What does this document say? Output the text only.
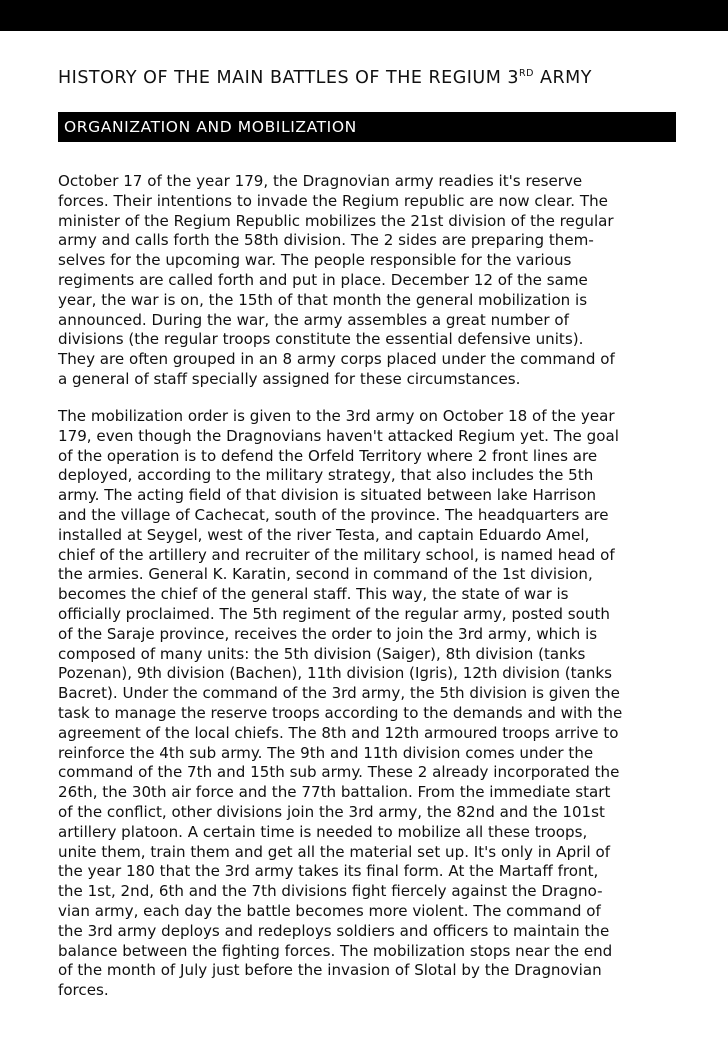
HISTORY OF THE MAIN BATTLES OF THE REGIUM 3RD ARMY
ORGANIZATION AND MOBILIZATION

October 17 of the year 179, the Dragnovian army readies it's reserve
forces. Their intentions to invade the Regium republic are now clear. The
minister of the Regium Republic mobilizes the 21st division of the regular
army and calls forth the 58th division. The 2 sides are preparing them-
selves for the upcoming war. The people responsible for the various
regiments are called forth and put in place. December 12 of the same
year, the war is on, the 15th of that month the general mobilization is
announced. During the war, the army assembles a great number of
divisions (the regular troops constitute the essential defensive units).
They are often grouped in an 8 army corps placed under the command of
a general of staff specially assigned for these circumstances.

The mobilization order is given to the 3rd army on October 18 of the year
179, even though the Dragnovians haven't attacked Regium yet. The goal
of the operation is to defend the Orfeld Territory where 2 front lines are
deployed, according to the military strategy, that also includes the 5th
army. The acting field of that division is situated between lake Harrison
and the village of Cachecat, south of the province. The headquarters are
installed at Seygel, west of the river Testa, and captain Eduardo Amel,
chief of the artillery and recruiter of the military school, is named head of
the armies. General K. Karatin, second in command of the 1st division,
becomes the chief of the general staff. This way, the state of war is
officially proclaimed. The 5th regiment of the regular army, posted south
of the Saraje province, receives the order to join the 3rd army, which is
composed of many units: the 5th division (Saiger), 8th division (tanks
Pozenan), 9th division (Bachen), 11th division (Igris), 12th division (tanks
Bacret). Under the command of the 3rd army, the 5th division is given the
task to manage the reserve troops according to the demands and with the
agreement of the local chiefs. The 8th and 12th armoured troops arrive to
reinforce the 4th sub army. The 9th and 11th division comes under the
command of the 7th and 15th sub army. These 2 already incorporated the
26th, the 30th air force and the 77th battalion. From the immediate start
of the conflict, other divisions join the 3rd army, the 82nd and the 101st
artillery platoon. A certain time is needed to mobilize all these troops,
unite them, train them and get all the material set up. It's only in April of
the year 180 that the 3rd army takes its final form. At the Martaff front,
the 1st, 2nd, 6th and the 7th divisions fight fiercely against the Dragno-
vian army, each day the battle becomes more violent. The command of
the 3rd army deploys and redeploys soldiers and officers to maintain the
balance between the fighting forces. The mobilization stops near the end
of the month of July just before the invasion of Slotal by the Dragnovian
forces.
